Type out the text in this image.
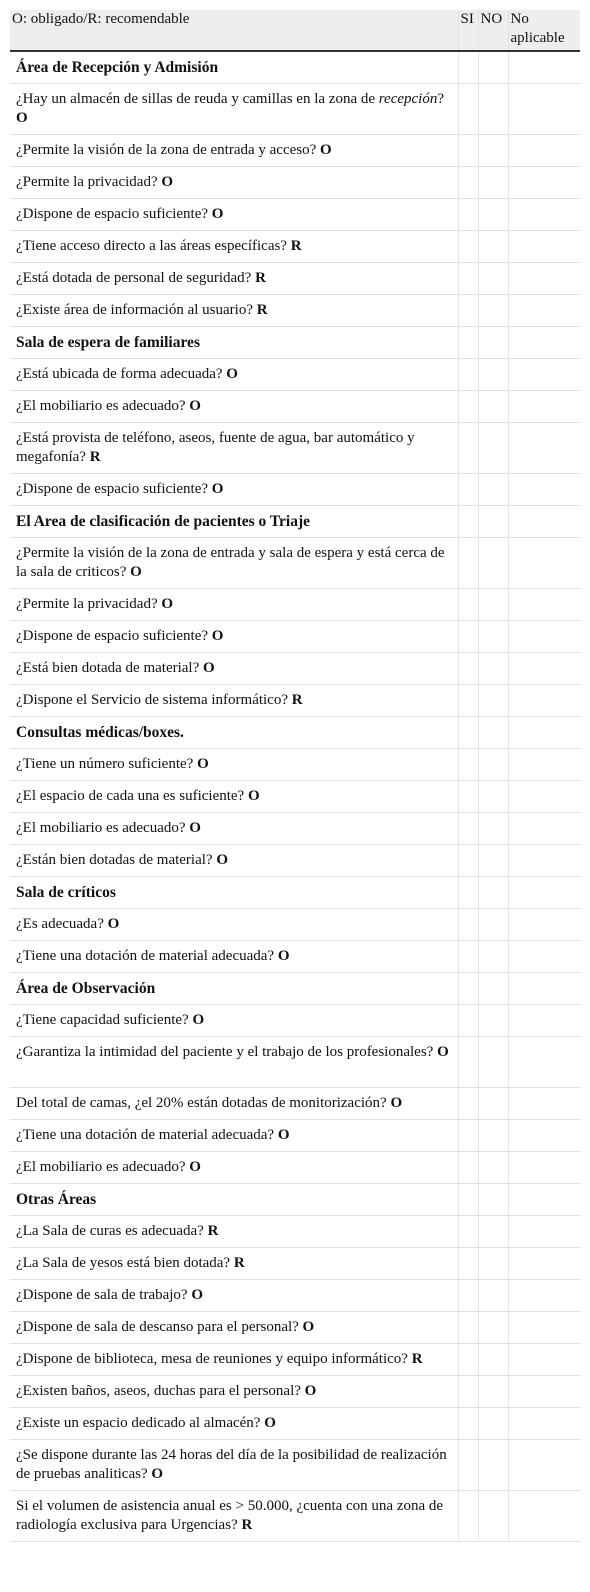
O: obligado/R: recomendable	SI	NO	No aplicable
Área de Recepción y Admisión			
¿Hay un almacén de sillas de reuda y camillas en la zona de recepción? O			
¿Permite la visión de la zona de entrada y acceso? O			
¿Permite la privacidad? O			
¿Dispone de espacio suficiente? O			
¿Tiene acceso directo a las áreas específicas? R			
¿Está dotada de personal de seguridad? R			
¿Existe área de información al usuario? R			
Sala de espera de familiares			
¿Está ubicada de forma adecuada? O			
¿El mobiliario es adecuado? O			
¿Está provista de teléfono, aseos, fuente de agua, bar automático y megafonía? R			
¿Dispone de espacio suficiente? O			
El Area de clasificación de pacientes o Triaje			
¿Permite la visión de la zona de entrada y sala de espera y está cerca de la sala de criticos? O			
¿Permite la privacidad? O			
¿Dispone de espacio suficiente? O			
¿Está bien dotada de material? O			
¿Dispone el Servicio de sistema informático? R			
Consultas médicas/boxes.			
¿Tiene un número suficiente? O			
¿El espacio de cada una es suficiente? O			
¿El mobiliario es adecuado? O			
¿Están bien dotadas de material? O			
Sala de críticos			
¿Es adecuada? O			
¿Tiene una dotación de material adecuada? O			
Área de Observación			
¿Tiene capacidad suficiente? O			
¿Garantiza la intimidad del paciente y el trabajo de los profesionales? O			
Del total de camas, ¿el 20% están dotadas de monitorización? O			
¿Tiene una dotación de material adecuada? O			
¿El mobiliario es adecuado? O			
Otras Áreas			
¿La Sala de curas es adecuada? R			
¿La Sala de yesos está bien dotada? R			
¿Dispone de sala de trabajo? O			
¿Dispone de sala de descanso para el personal? O			
¿Dispone de biblioteca, mesa de reuniones y equipo informático? R			
¿Existen baños, aseos, duchas para el personal? O			
¿Existe un espacio dedicado al almacén? O			
¿Se dispone durante las 24 horas del día de la posibilidad de realización de pruebas analiticas? O			
Si el volumen de asistencia anual es > 50.000, ¿cuenta con una zona de radiología exclusiva para Urgencias? R			
